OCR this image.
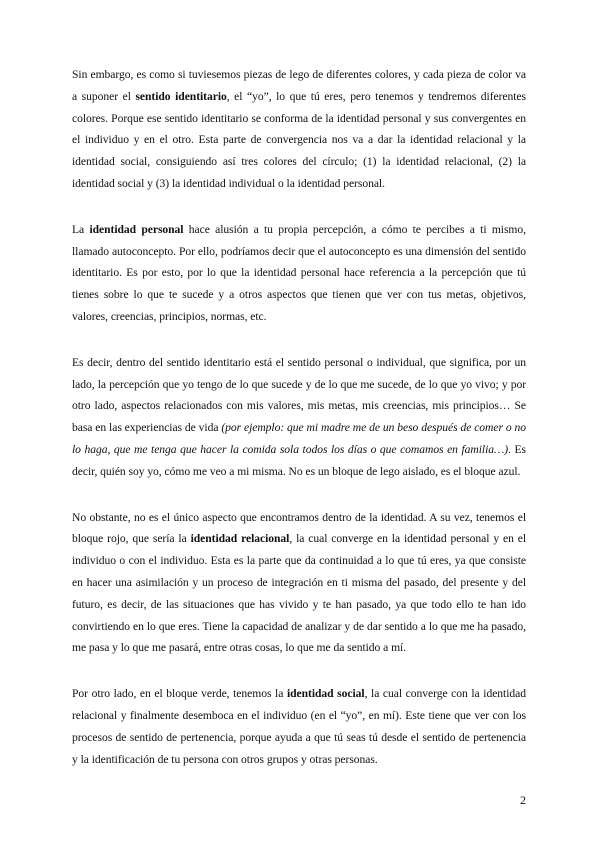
Sin embargo, es como si tuviesemos piezas de lego de diferentes colores, y cada pieza de color va a suponer el sentido identitario, el “yo”, lo que tú eres, pero tenemos y tendremos diferentes colores. Porque ese sentido identitario se conforma de la identidad personal y sus convergentes en el individuo y en el otro. Esta parte de convergencia nos va a dar la identidad relacional y la identidad social, consiguiendo así tres colores del círculo; (1) la identidad relacional, (2) la identidad social y (3) la identidad individual o la identidad personal.

La identidad personal hace alusión a tu propia percepción, a cómo te percibes a ti mismo, llamado autoconcepto. Por ello, podríamos decir que el autoconcepto es una dimensión del sentido identitario. Es por esto, por lo que la identidad personal hace referencia a la percepción que tú tienes sobre lo que te sucede y a otros aspectos que tienen que ver con tus metas, objetivos, valores, creencias, principios, normas, etc.

Es decir, dentro del sentido identitario está el sentido personal o individual, que significa, por un lado, la percepción que yo tengo de lo que sucede y de lo que me sucede, de lo que yo vivo; y por otro lado, aspectos relacionados con mis valores, mis metas, mis creencias, mis principios… Se basa en las experiencias de vida (por ejemplo: que mi madre me de un beso después de comer o no lo haga, que me tenga que hacer la comida sola todos los días o que comamos en familia…). Es decir, quién soy yo, cómo me veo a mi misma. No es un bloque de lego aislado, es el bloque azul.

No obstante, no es el único aspecto que encontramos dentro de la identidad. A su vez, tenemos el bloque rojo, que sería la identidad relacional, la cual converge en la identidad personal y en el individuo o con el individuo. Esta es la parte que da continuidad a lo que tú eres, ya que consiste en hacer una asimilación y un proceso de integración en ti misma del pasado, del presente y del futuro, es decir, de las situaciones que has vivido y te han pasado, ya que todo ello te han ido convirtiendo en lo que eres. Tiene la capacidad de analizar y de dar sentido a lo que me ha pasado, me pasa y lo que me pasará, entre otras cosas, lo que me da sentido a mí.

Por otro lado, en el bloque verde, tenemos la identidad social, la cual converge con la identidad relacional y finalmente desemboca en el individuo (en el “yo”, en mí). Este tiene que ver con los procesos de sentido de pertenencia, porque ayuda a que tú seas tú desde el sentido de pertenencia y la identificación de tu persona con otros grupos y otras personas.

2
